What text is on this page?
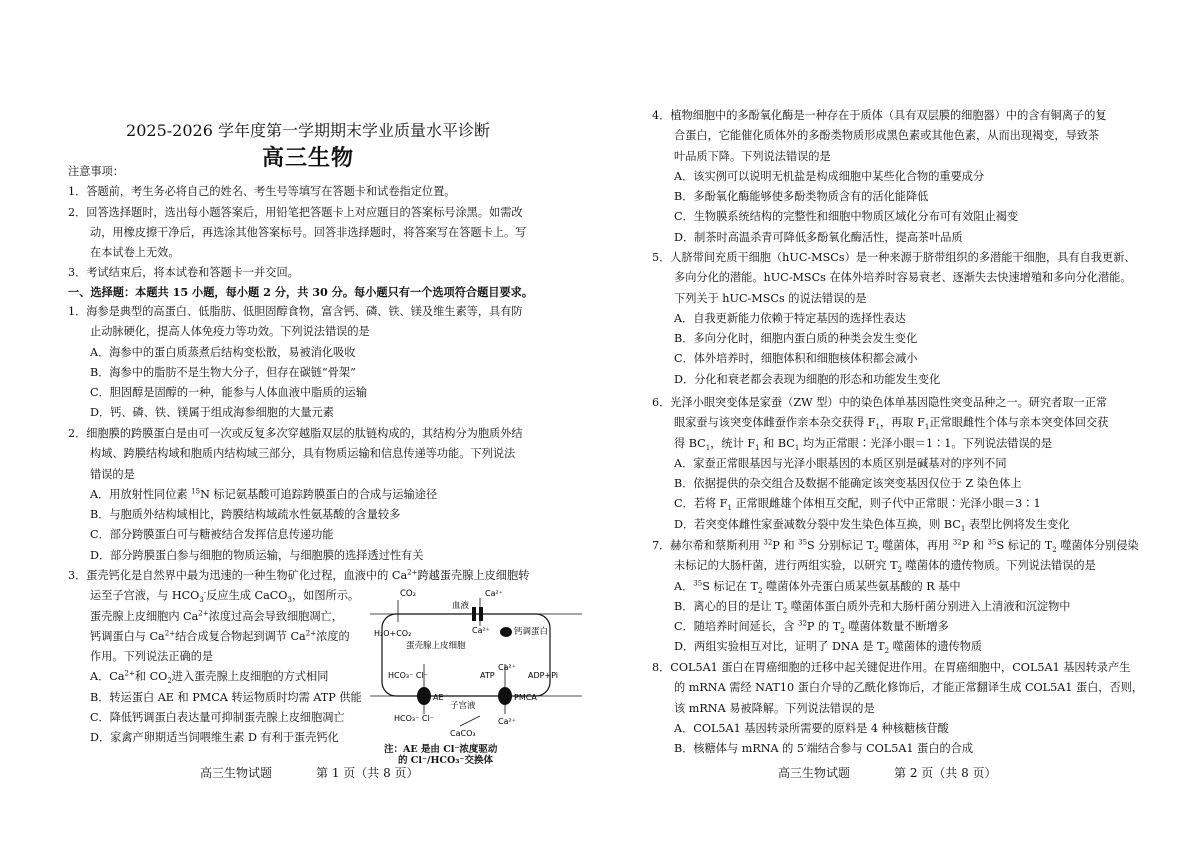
2025-2026 学年度第一学期期末学业质量水平诊断
高三生物

注意事项：

1．答题前，考生务必将自己的姓名、考生号等填写在答题卡和试卷指定位置。

2．回答选择题时，选出每小题答案后，用铅笔把答题卡上对应题目的答案标号涂黑。如需改

动，用橡皮擦干净后，再选涂其他答案标号。回答非选择题时，将答案写在答题卡上。写

在本试卷上无效。

3．考试结束后，将本试卷和答题卡一并交回。

一、选择题：本题共 15 小题，每小题 2 分，共 30 分。每小题只有一个选项符合题目要求。

1．海参是典型的高蛋白、低脂肪、低胆固醇食物，富含钙、磷、铁、镁及维生素等，具有防

止动脉硬化，提高人体免疫力等功效。下列说法错误的是

A．海参中的蛋白质蒸煮后结构变松散，易被消化吸收

B．海参中的脂肪不是生物大分子，但存在碳链“骨架”

C．胆固醇是固醇的一种，能参与人体血液中脂质的运输

D．钙、磷、铁、镁属于组成海参细胞的大量元素

2．细胞膜的跨膜蛋白是由可一次或反复多次穿越脂双层的肽链构成的，其结构分为胞质外结

构域、跨膜结构域和胞质内结构域三部分，具有物质运输和信息传递等功能。下列说法

错误的是

A．用放射性同位素 $^{15}$N 标记氨基酸可追踪跨膜蛋白的合成与运输途径

B．与胞质外结构域相比，跨膜结构域疏水性氨基酸的含量较多

C．部分跨膜蛋白可与糖被结合发挥信息传递功能

D．部分跨膜蛋白参与细胞的物质运输，与细胞膜的选择透过性有关

3．蛋壳钙化是自然界中最为迅速的一种生物矿化过程，血液中的 $Ca^{2+}$跨越蛋壳腺上皮细胞转

运至子宫液，与 $HCO_3^-$反应生成 CaCO$_3$，如图所示。

蛋壳腺上皮细胞内 $Ca^{2+}$浓度过高会导致细胞凋亡，

钙调蛋白与 $Ca^{2+}$结合成复合物起到调节 $Ca^{2+}$浓度的

作用。下列说法正确的是

A．$Ca^{2+}$和 $CO_2$进入蛋壳腺上皮细胞的方式相同

B．转运蛋白 AE 和 PMCA 转运物质时均需 ATP 供能

C．降低钙调蛋白表达量可抑制蛋壳腺上皮细胞凋亡

D．家禽产卵期适当饲喂维生素 D 有利于蛋壳钙化

CO₂
血液
Ca²⁺
Ca²⁺
H₂O+CO₂	钙调蛋白
蛋壳腺上皮细胞
HCO₃⁻ Cl⁻	ATP
Ca²⁺
ADP+Pi
AE	PMCA
子宫液
HCO₃⁻ Cl⁻	Ca²⁺
CaCO₃

注：AE 是由 Cl⁻浓度驱动

的 Cl⁻/HCO₃⁻交换体

高三生物试题	第 1 页（共 8 页）

4．植物细胞中的多酚氧化酶是一种存在于质体（具有双层膜的细胞器）中的含有铜离子的复

合蛋白，它能催化质体外的多酚类物质形成黑色素或其他色素，从而出现褐变，导致茶

叶品质下降。下列说法错误的是

A．该实例可以说明无机盐是构成细胞中某些化合物的重要成分

B．多酚氧化酶能够使多酚类物质含有的活化能降低

C．生物膜系统结构的完整性和细胞中物质区域化分布可有效阻止褐变

D．制茶时高温杀青可降低多酚氧化酶活性，提高茶叶品质

5．人脐带间充质干细胞（hUC-MSCs）是一种来源于脐带组织的多潜能干细胞，具有自我更新、

多向分化的潜能。hUC-MSCs 在体外培养时容易衰老、逐渐失去快速增殖和多向分化潜能。

下列关于 hUC-MSCs 的说法错误的是

A．自我更新能力依赖于特定基因的选择性表达

B．多向分化时，细胞内蛋白质的种类会发生变化

C．体外培养时，细胞体积和细胞核体积都会减小

D．分化和衰老都会表现为细胞的形态和功能发生变化

6．光泽小眼突变体是家蚕（ZW 型）中的染色体单基因隐性突变品种之一。研究者取一正常

眼家蚕与该突变体雌蚕作亲本杂交获得 $F_1$，再取 $F_1$正常眼雌性个体与亲本突变体回交获

得 $BC_1$，统计 $F_1$ 和 $BC_1$ 均为正常眼∶光泽小眼＝1∶1。下列说法错误的是

A．家蚕正常眼基因与光泽小眼基因的本质区别是碱基对的序列不同

B．依据提供的杂交组合及数据不能确定该突变基因仅位于 Z 染色体上

C．若将 $F_1$ 正常眼雌雄个体相互交配，则子代中正常眼∶光泽小眼＝3∶1

D．若突变体雌性家蚕减数分裂中发生染色体互换，则 $BC_1$ 表型比例将发生变化

7．赫尔希和蔡斯利用 $^{32}$P 和 $^{35}$S 分别标记 $T_2$ 噬菌体，再用 $^{32}$P 和 $^{35}$S 标记的 $T_2$ 噬菌体分别侵染

未标记的大肠杆菌，进行两组实验，以研究 $T_2$ 噬菌体的遗传物质。下列说法错误的是

A．$^{35}$S 标记在 $T_2$ 噬菌体外壳蛋白质某些氨基酸的 R 基中

B．离心的目的是让 $T_2$ 噬菌体蛋白质外壳和大肠杆菌分别进入上清液和沉淀物中

C．随培养时间延长，含 $^{32}$P 的 $T_2$ 噬菌体数量不断增多

D．两组实验相互对比，证明了 DNA 是 $T_2$ 噬菌体的遗传物质

8．COL5A1 蛋白在胃癌细胞的迁移中起关键促进作用。在胃癌细胞中，COL5A1 基因转录产生

的 mRNA 需经 NAT10 蛋白介导的乙酰化修饰后，才能正常翻译生成 COL5A1 蛋白，否则，

该 mRNA 易被降解。下列说法错误的是

A．COL5A1 基因转录所需要的原料是 4 种核糖核苷酸

B．核糖体与 mRNA 的 5′端结合参与 COL5A1 蛋白的合成

高三生物试题	第 2 页（共 8 页）
